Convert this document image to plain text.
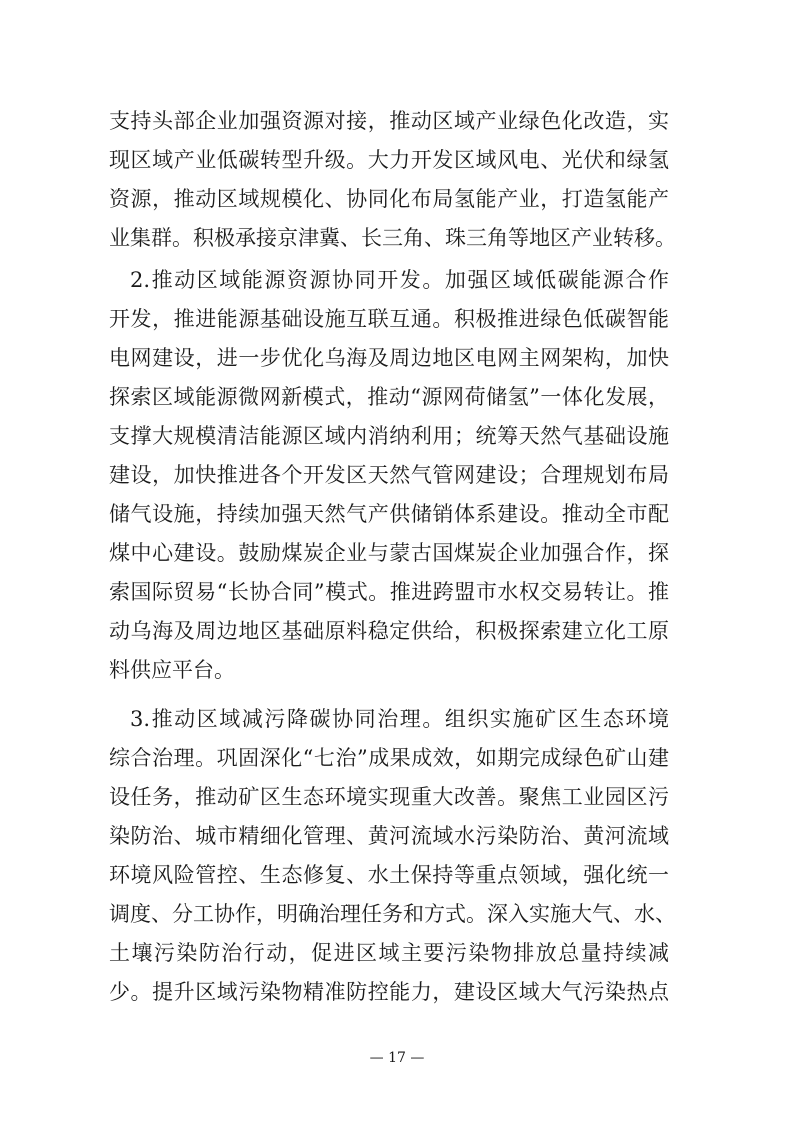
支持头部企业加强资源对接，推动区域产业绿色化改造，实
现区域产业低碳转型升级。大力开发区域风电、光伏和绿氢
资源，推动区域规模化、协同化布局氢能产业，打造氢能产
业集群。积极承接京津冀、长三角、珠三角等地区产业转移。
2.推动区域能源资源协同开发。加强区域低碳能源合作
开发，推进能源基础设施互联互通。积极推进绿色低碳智能
电网建设，进一步优化乌海及周边地区电网主网架构，加快
探索区域能源微网新模式，推动“源网荷储氢”一体化发展，
支撑大规模清洁能源区域内消纳利用；统筹天然气基础设施
建设，加快推进各个开发区天然气管网建设；合理规划布局
储气设施，持续加强天然气产供储销体系建设。推动全市配
煤中心建设。鼓励煤炭企业与蒙古国煤炭企业加强合作，探
索国际贸易“长协合同”模式。推进跨盟市水权交易转让。推
动乌海及周边地区基础原料稳定供给，积极探索建立化工原
料供应平台。
3.推动区域减污降碳协同治理。组织实施矿区生态环境
综合治理。巩固深化“七治”成果成效，如期完成绿色矿山建
设任务，推动矿区生态环境实现重大改善。聚焦工业园区污
染防治、城市精细化管理、黄河流域水污染防治、黄河流域
环境风险管控、生态修复、水土保持等重点领域，强化统一
调度、分工协作，明确治理任务和方式。深入实施大气、水、
土壤污染防治行动，促进区域主要污染物排放总量持续减
少。提升区域污染物精准防控能力，建设区域大气污染热点
— 17 —
